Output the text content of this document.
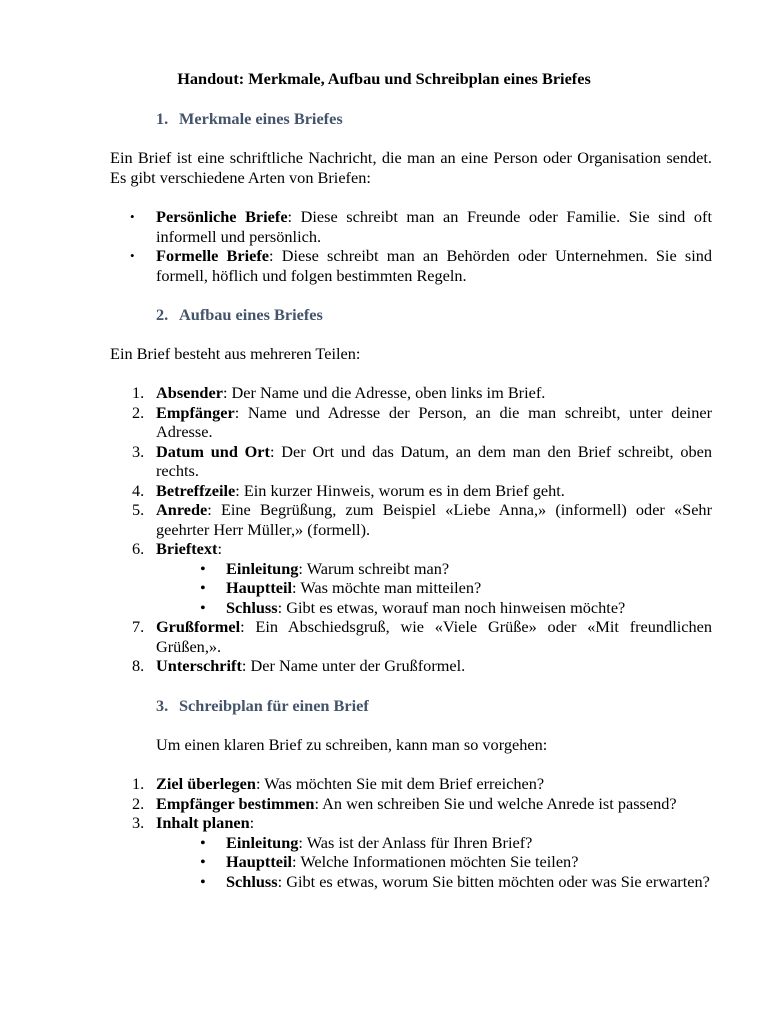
Handout: Merkmale, Aufbau und Schreibplan eines Briefes
1. Merkmale eines Briefes
Ein Brief ist eine schriftliche Nachricht, die man an eine Person oder Organisation sendet. Es gibt verschiedene Arten von Briefen:
• Persönliche Briefe: Diese schreibt man an Freunde oder Familie. Sie sind oft informell und persönlich.
• Formelle Briefe: Diese schreibt man an Behörden oder Unternehmen. Sie sind formell, höflich und folgen bestimmten Regeln.
2. Aufbau eines Briefes
Ein Brief besteht aus mehreren Teilen:
1. Absender: Der Name und die Adresse, oben links im Brief.
2. Empfänger: Name und Adresse der Person, an die man schreibt, unter deiner Adresse.
3. Datum und Ort: Der Ort und das Datum, an dem man den Brief schreibt, oben rechts.
4. Betreffzeile: Ein kurzer Hinweis, worum es in dem Brief geht.
5. Anrede: Eine Begrüßung, zum Beispiel «Liebe Anna,» (informell) oder «Sehr geehrter Herr Müller,» (formell).
6. Brieftext:
• Einleitung: Warum schreibt man?
• Hauptteil: Was möchte man mitteilen?
• Schluss: Gibt es etwas, worauf man noch hinweisen möchte?
7. Grußformel: Ein Abschiedsgruß, wie «Viele Grüße» oder «Mit freundlichen Grüßen,».
8. Unterschrift: Der Name unter der Grußformel.
3. Schreibplan für einen Brief
Um einen klaren Brief zu schreiben, kann man so vorgehen:
1. Ziel überlegen: Was möchten Sie mit dem Brief erreichen?
2. Empfänger bestimmen: An wen schreiben Sie und welche Anrede ist passend?
3. Inhalt planen:
• Einleitung: Was ist der Anlass für Ihren Brief?
• Hauptteil: Welche Informationen möchten Sie teilen?
• Schluss: Gibt es etwas, worum Sie bitten möchten oder was Sie erwarten?
